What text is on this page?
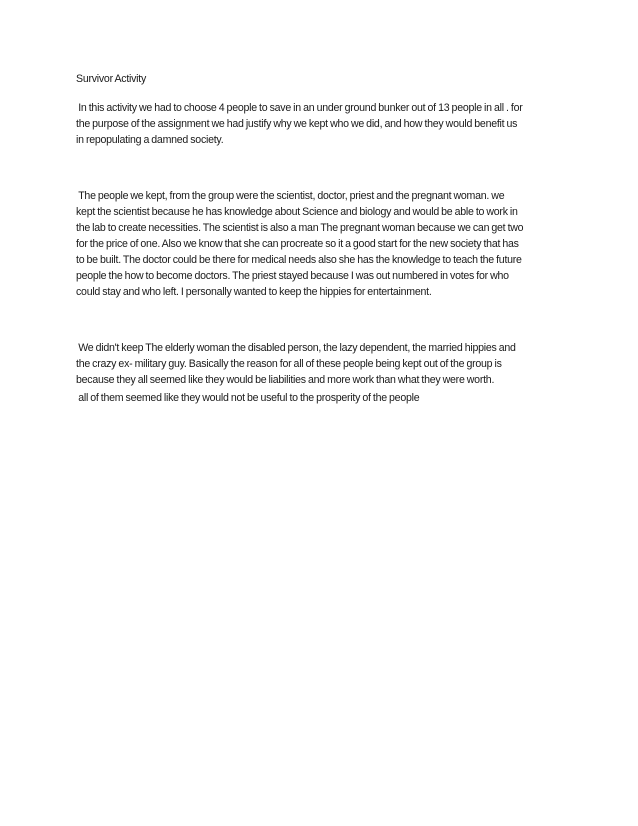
Survivor Activity

In this activity we had to choose 4 people to save in an under ground bunker out of 13 people in all . for
the purpose of the assignment we had justify why we kept who we did, and how they would benefit us
in repopulating a damned society.

The people we kept, from the group were the scientist, doctor, priest and the pregnant woman. we
kept the scientist because he has knowledge about Science and biology and would be able to work in
the lab to create necessities. The scientist is also a man The pregnant woman because we can get two
for the price of one. Also we know that she can procreate so it a good start for the new society that has
to be built. The doctor could be there for medical needs also she has the knowledge to teach the future
people the how to become doctors. The priest stayed because I was out numbered in votes for who
could stay and who left. I personally wanted to keep the hippies for entertainment.

We didn't keep The elderly woman the disabled person, the lazy dependent, the married hippies and
the crazy ex- military guy. Basically the reason for all of these people being kept out of the group is
because they all seemed like they would be liabilities and more work than what they were worth.

all of them seemed like they would not be useful to the prosperity of the people
